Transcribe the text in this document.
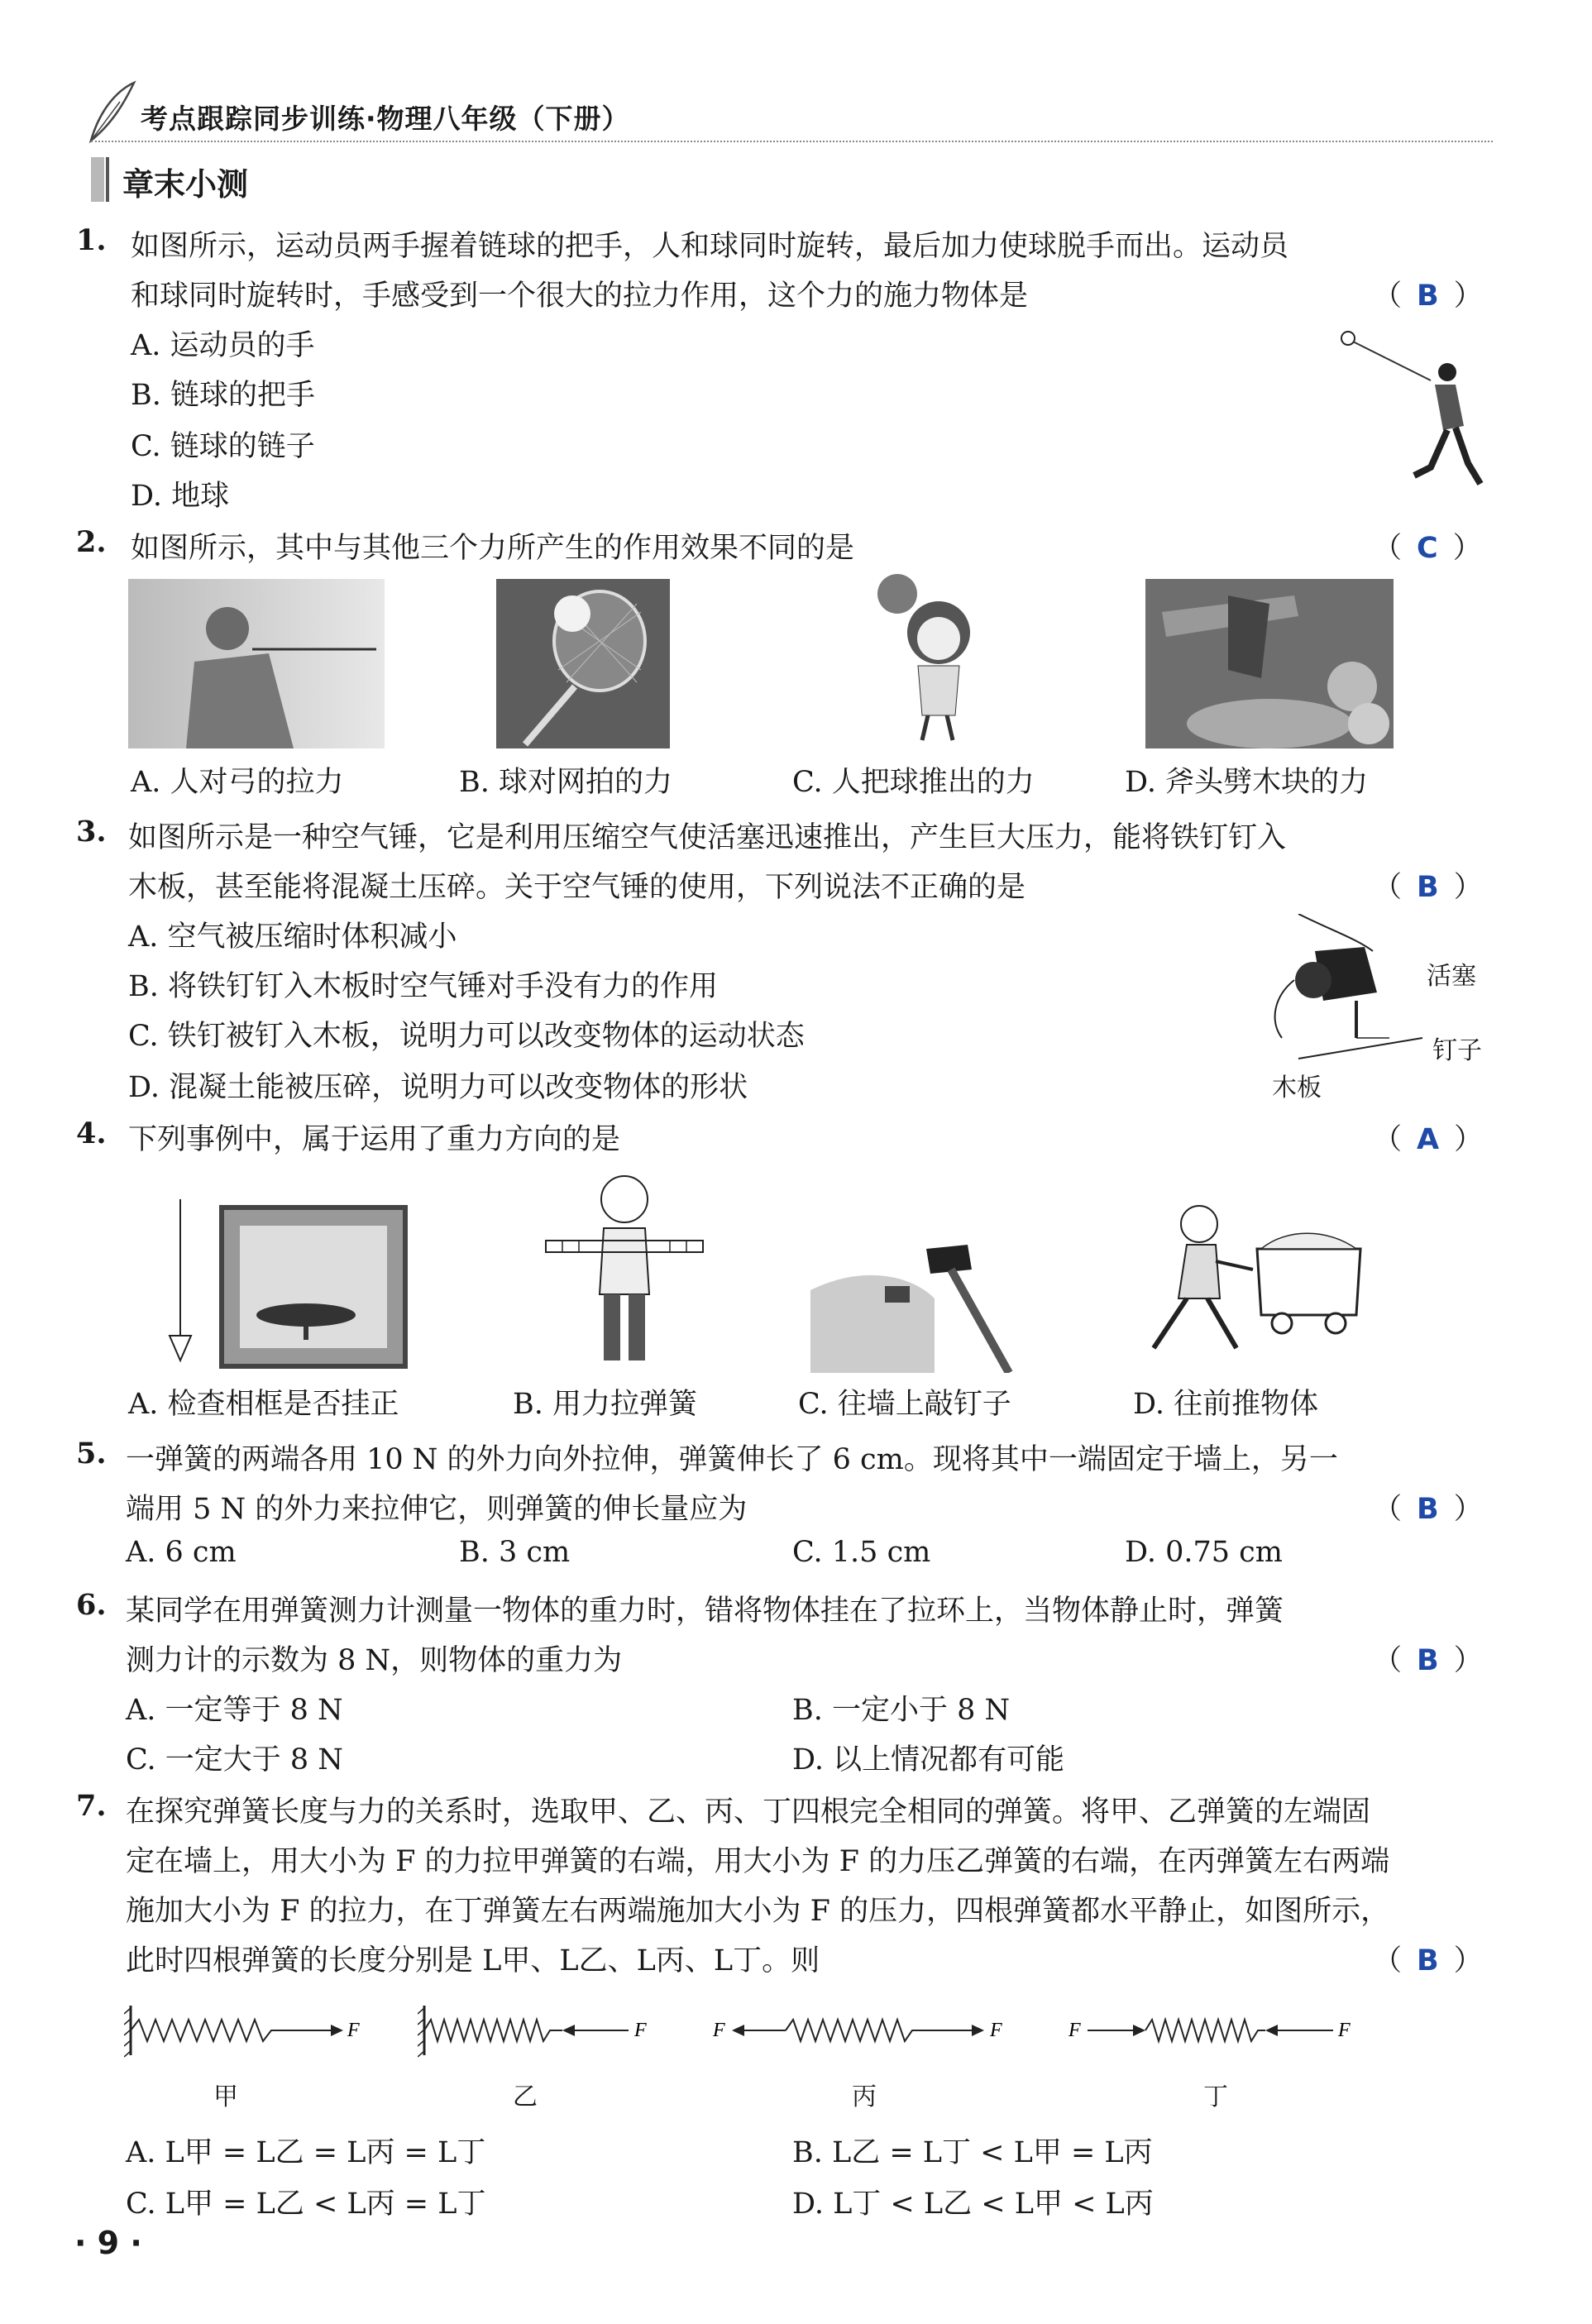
考点跟踪同步训练·物理八年级（下册）
章末小测
1. 如图所示，运动员两手握着链球的把手，人和球同时旋转，最后加力使球脱手而出。运动员
和球同时旋转时，手感受到一个很大的拉力作用，这个力的施力物体是	（ B ）
A. 运动员的手
B. 链球的把手
C. 链球的链子
D. 地球
2. 如图所示，其中与其他三个力所产生的作用效果不同的是	（ C ）
A. 人对弓的拉力	B. 球对网拍的力	C. 人把球推出的力	D. 斧头劈木块的力
3. 如图所示是一种空气锤，它是利用压缩空气使活塞迅速推出，产生巨大压力，能将铁钉钉入
木板，甚至能将混凝土压碎。关于空气锤的使用，下列说法不正确的是	（ B ）
A. 空气被压缩时体积减小
B. 将铁钉钉入木板时空气锤对手没有力的作用
C. 铁钉被钉入木板，说明力可以改变物体的运动状态
D. 混凝土能被压碎，说明力可以改变物体的形状
活塞
钉子
木板
4. 下列事例中，属于运用了重力方向的是	（ A ）
A. 检查相框是否挂正	B. 用力拉弹簧	C. 往墙上敲钉子	D. 往前推物体
5. 一弹簧的两端各用 10 N 的外力向外拉伸，弹簧伸长了 6 cm。现将其中一端固定于墙上，另一
端用 5 N 的外力来拉伸它，则弹簧的伸长量应为	（ B ）
A. 6 cm	B. 3 cm	C. 1.5 cm	D. 0.75 cm
6. 某同学在用弹簧测力计测量一物体的重力时，错将物体挂在了拉环上，当物体静止时，弹簧
测力计的示数为 8 N，则物体的重力为	（ B ）
A. 一定等于 8 N	B. 一定小于 8 N
C. 一定大于 8 N	D. 以上情况都有可能
7. 在探究弹簧长度与力的关系时，选取甲、乙、丙、丁四根完全相同的弹簧。将甲、乙弹簧的左端固
定在墙上，用大小为 F 的力拉甲弹簧的右端，用大小为 F 的力压乙弹簧的右端，在丙弹簧左右两端
施加大小为 F 的拉力，在丁弹簧左右两端施加大小为 F 的压力，四根弹簧都水平静止，如图所示，
此时四根弹簧的长度分别是 L甲、L乙、L丙、L丁。则	（ B ）
F	F	F	F	F	F
甲	乙	丙	丁
A. L甲 = L乙 = L丙 = L丁	B. L乙 = L丁 < L甲 = L丙
C. L甲 = L乙 < L丙 = L丁	D. L丁 < L乙 < L甲 < L丙
· 9 ·
